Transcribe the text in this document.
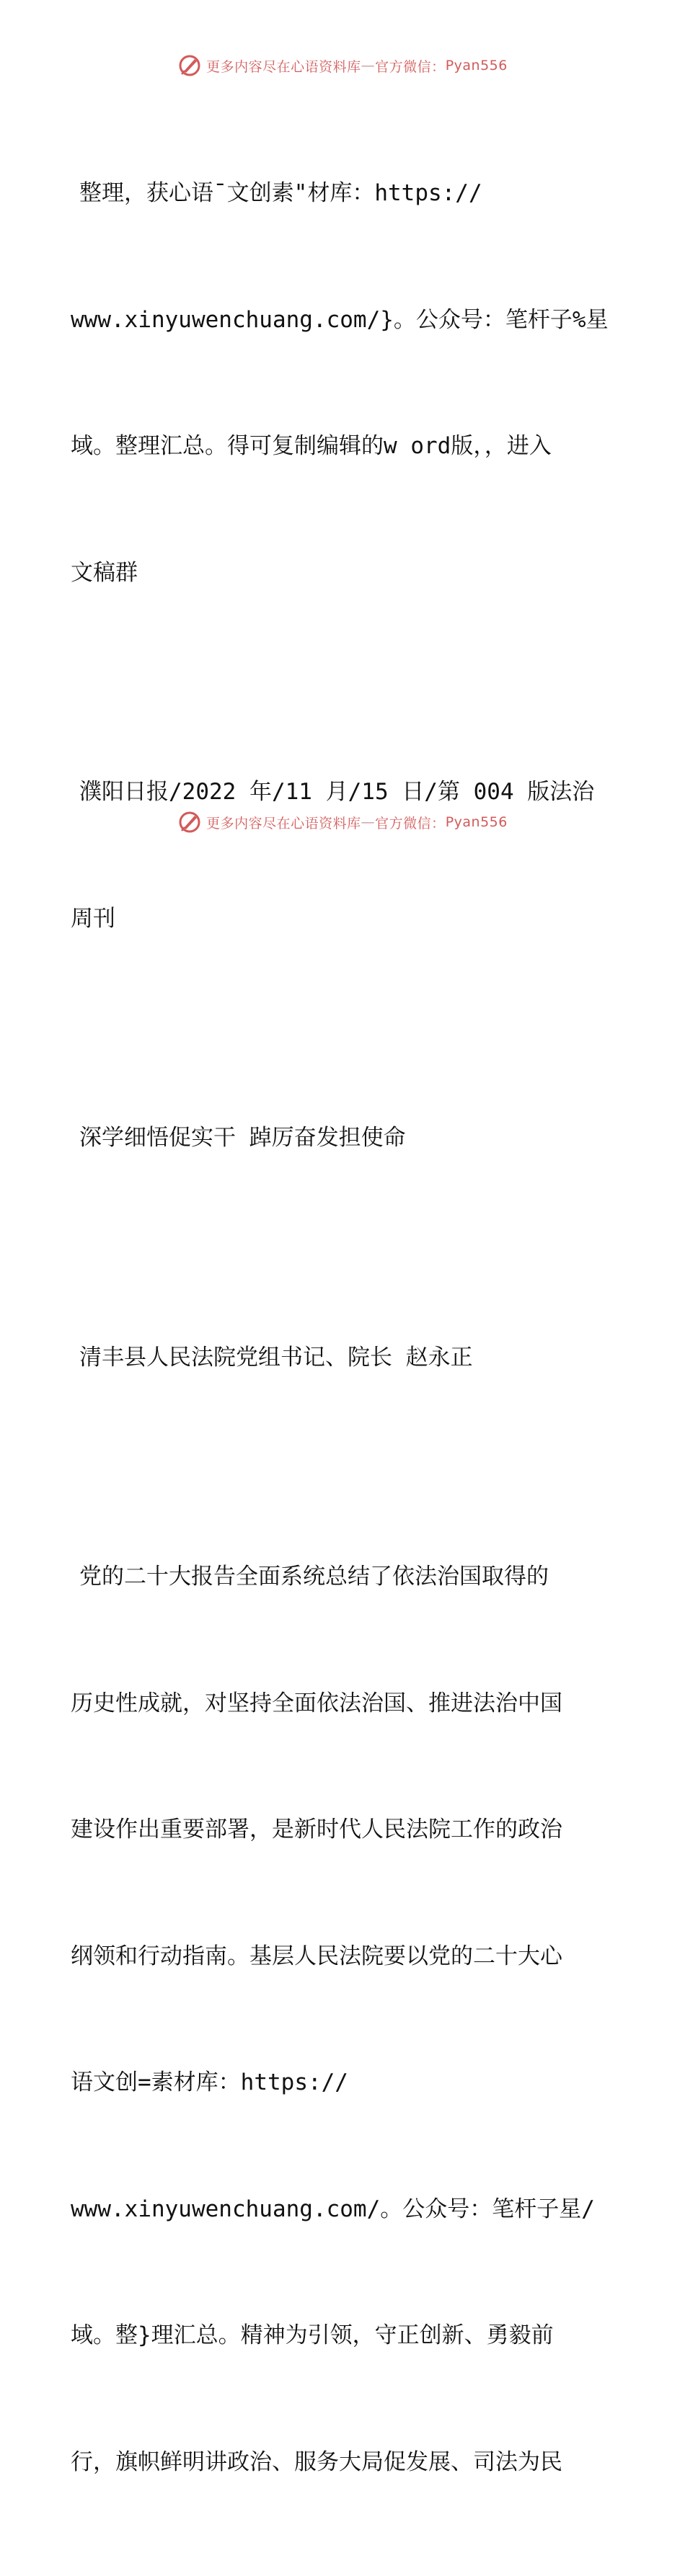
更多内容尽在心语资料库 — 官方微信： Pyan556

整理，获心语¯文创素"材库：https://

www.xinyuwenchuang.com/}。公众号：笔杆子%星

域。整理汇总。得可复制编辑的w ord版，，进入

文稿群

濮阳日报/2022 年/11 月/15 日/第 004 版法治

周刊

深学细悟促实干 踔厉奋发担使命

清丰县人民法院党组书记、院长 赵永正

党的二十大报告全面系统总结了依法治国取得的

历史性成就，对坚持全面依法治国、推进法治中国

建设作出重要部署，是新时代人民法院工作的政治

纲领和行动指南。基层人民法院要以党的二十大心

语文创=素材库：https://

www.xinyuwenchuang.com/。公众号：笔杆子星/

域。整}理汇总。精神为引领，守正创新、勇毅前

行，旗帜鲜明讲政治、服务大局促发展、司法为民

更多内容尽在心语资料库 — 官方微信： Pyan556
